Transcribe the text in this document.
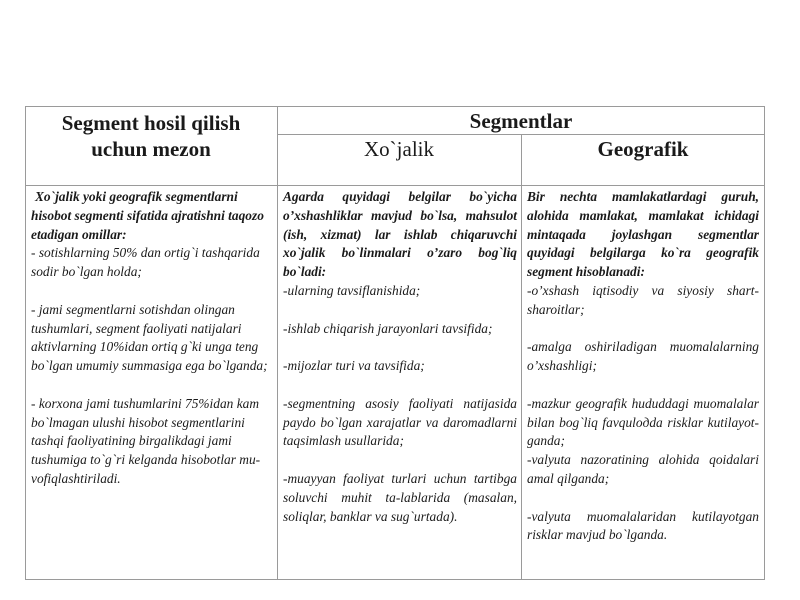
Segment hosil qilish uchun mezon
Segmentlar
Xo`jalik	Geografik

Xo`jalik yoki geografik segmentlarni hisobot segmenti sifatida ajratishni taqozo etadigan omillar:

‐ sotishlarning 50% dan ortig`i tashqarida sodir bo`lgan holda;

‐ jami segmentlarni sotishdan olingan tushumlari, segment faoliyati natijalari aktivlarning 10%idan ortiq g`ki unga teng bo`lgan umumiy summasiga ega bo`lganda;

‐ korxona jami tushumlarini 75%idan kam bo`lmagan ulushi hisobot segmentlarini tashqi faoliyatining birgalikdagi jami tushumiga to`g`ri kelganda hisobotlar mu-vofiqlashtiriladi.

Agarda quyidagi belgilar bo`yicha o’xshashliklar mavjud bo`lsa, mahsulot (ish, xizmat) lar ishlab chiqaruvchi xo`jalik bo`linmalari o’zaro bog`liq bo`ladi:

‐ularning tavsiflanishida;

‐ishlab chiqarish jarayonlari tavsifida;

‐mijozlar turi va tavsifida;

‐segmentning asosiy faoliyati natijasida paydo bo`lgan xarajatlar va daromadlarni taqsimlash usullarida;

‐muayyan faoliyat turlari uchun tartibga soluvchi muhit ta-lablarida (masalan, soliqlar, banklar va sug`urtada).

Bir nechta mamlakatlardagi guruh, alohida mamlakat, mamlakat ichidagi mintaqada joylashgan segmentlar quyidagi belgilarga ko`ra geografik segment hisoblanadi:

‐o’xshash iqtisodiy va siyosiy shart-sharoitlar;

‐amalga oshiriladigan muomalalarning o’xshashligi;

‐mazkur geografik hududdagi muomalalar bilan bog`liq favquloдda risklar kutilayot-ganda;

‐valyuta nazoratining alohida qoidalari amal qilganda;

‐valyuta muomalalaridan kutilayotgan risklar mavjud bo`lganda.
